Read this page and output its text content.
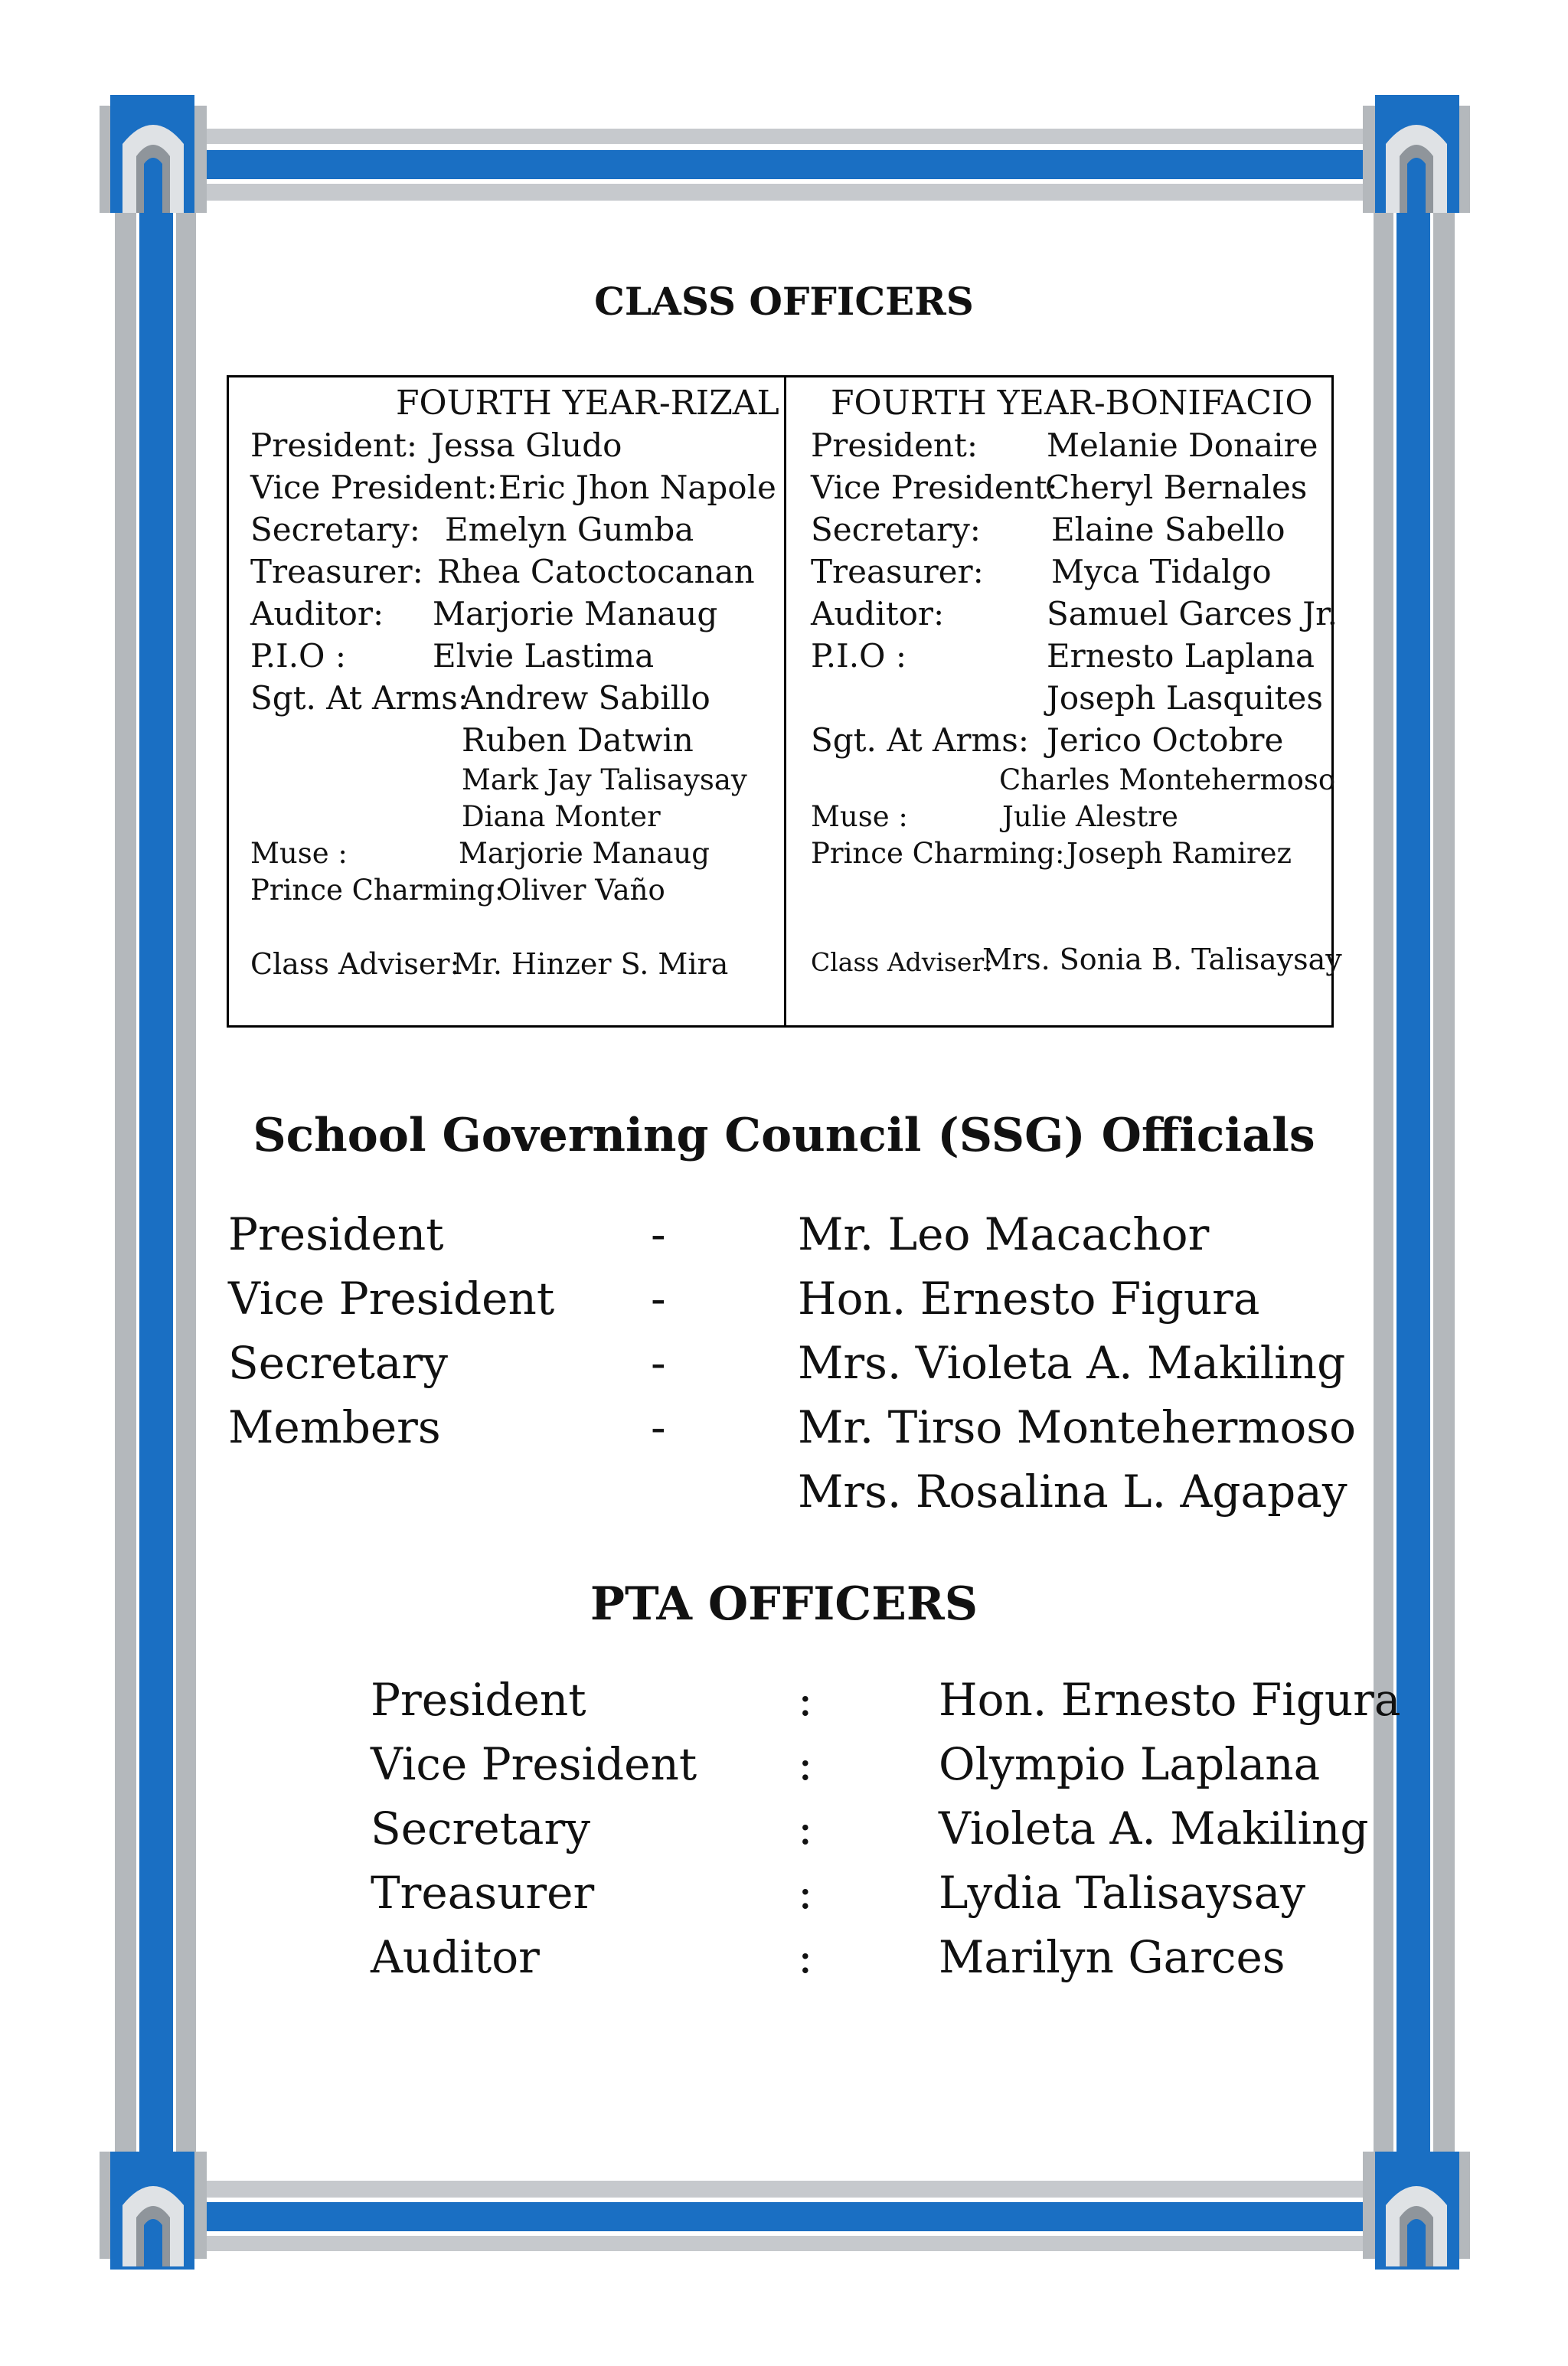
CLASS OFFICERS
FOURTH YEAR-RIZAL
President: Jessa Gludo
Vice President: Eric Jhon Napole
Secretary: Emelyn Gumba
Treasurer: Rhea Catoctocanan
Auditor: Marjorie Manaug
P.I.O :	Elvie Lastima
Sgt. At Arms:
Andrew Sabillo
Ruben Datwin
Mark Jay Talisaysay
Diana Monter
Muse :	Marjorie Manaug
Prince Charming:
Oliver Vaño
Class Adviser:
Mr. Hinzer S. Mira
FOURTH YEAR-BONIFACIO
President: Melanie Donaire
Vice President:
Cheryl Bernales
Secretary: Elaine Sabello
Treasurer: Myca Tidalgo
Auditor:	Samuel Garces Jr.
P.I.O :	Ernesto Laplana
Joseph Lasquites
Sgt. At Arms: Jerico Octobre
Charles Montehermoso
Muse :	Julie Alestre
Prince Charming: Joseph Ramirez
Class Adviser:
Mrs. Sonia B. Talisaysay
School Governing Council (SSG) Officials
President	-	Mr. Leo Macachor
Vice President -	Hon. Ernesto Figura
Secretary	-	Mrs. Violeta A. Makiling
Members	-	Mr. Tirso Montehermoso
Mrs. Rosalina L. Agapay
PTA OFFICERS
President	:	Hon. Ernesto Figura
Vice President :	Olympio Laplana
Secretary	:	Violeta A. Makiling
Treasurer	:	Lydia Talisaysay
Auditor	:	Marilyn Garces
